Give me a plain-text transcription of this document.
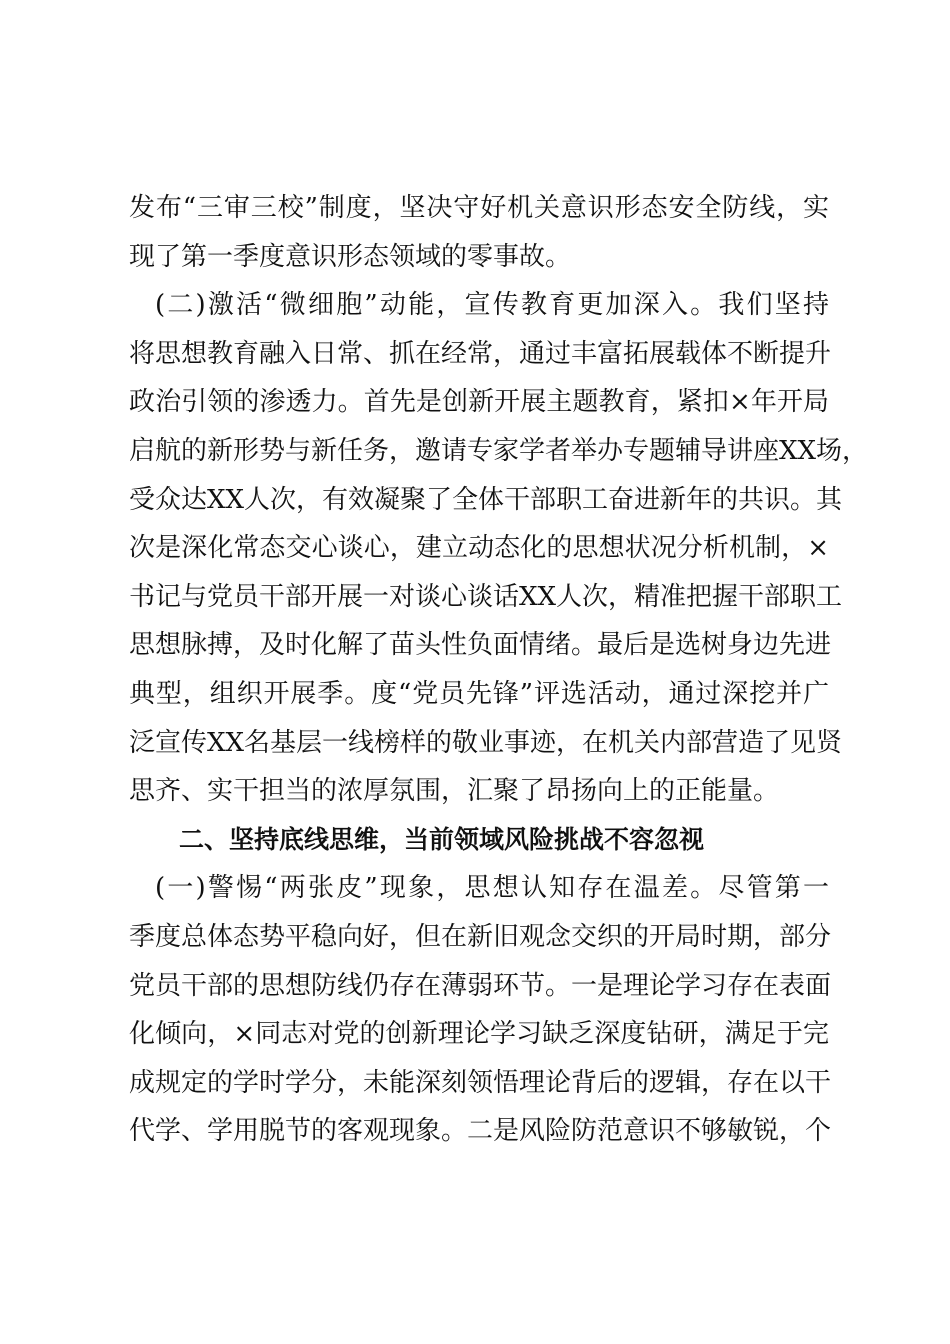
发布“三审三校”制度，坚决守好机关意识形态安全防线，实
现了第一季度意识形态领域的零事故。
(二)激活“微细胞”动能，宣传教育更加深入。我们坚持
将思想教育融入日常、抓在经常，通过丰富拓展载体不断提升
政治引领的渗透力。首先是创新开展主题教育，紧扣×年开局
启航的新形势与新任务，邀请专家学者举办专题辅导讲座XX场，
受众达XX人次，有效凝聚了全体干部职工奋进新年的共识。其
次是深化常态交心谈心，建立动态化的思想状况分析机制，×
书记与党员干部开展一对谈心谈话XX人次，精准把握干部职工
思想脉搏，及时化解了苗头性负面情绪。最后是选树身边先进
典型，组织开展季。度“党员先锋”评选活动，通过深挖并广
泛宣传XX名基层一线榜样的敬业事迹，在机关内部营造了见贤
思齐、实干担当的浓厚氛围，汇聚了昂扬向上的正能量。
二、坚持底线思维，当前领域风险挑战不容忽视
(一)警惕“两张皮”现象，思想认知存在温差。尽管第一
季度总体态势平稳向好，但在新旧观念交织的开局时期，部分
党员干部的思想防线仍存在薄弱环节。一是理论学习存在表面
化倾向，×同志对党的创新理论学习缺乏深度钻研，满足于完
成规定的学时学分，未能深刻领悟理论背后的逻辑，存在以干
代学、学用脱节的客观现象。二是风险防范意识不够敏锐，个
